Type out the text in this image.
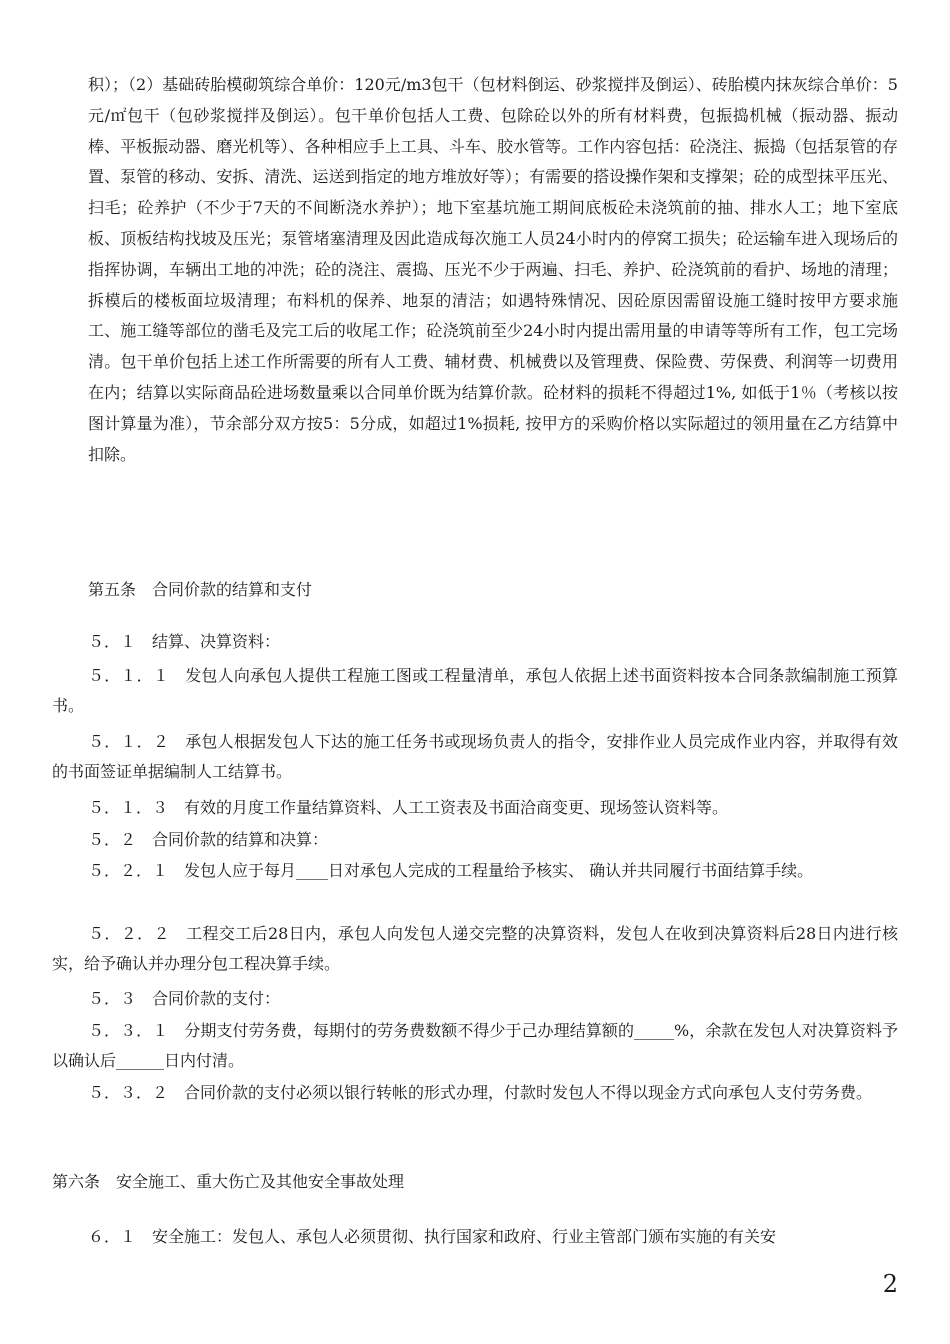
积）；（2）基础砖胎模砌筑综合单价：120元/m3包干（包材料倒运、砂浆搅拌及倒运）、砖胎模内抹灰综合单价：5元/㎡包干（包砂浆搅拌及倒运）。包干单价包括人工费、包除砼以外的所有材料费，包振捣机械（振动器、振动棒、平板振动器、磨光机等）、各种相应手上工具、斗车、胶水管等。工作内容包括：砼浇注、振捣（包括泵管的存置、泵管的移动、安拆、清洗、运送到指定的地方堆放好等）；有需要的搭设操作架和支撑架；砼的成型抹平压光、扫毛；砼养护（不少于7天的不间断浇水养护）；地下室基坑施工期间底板砼未浇筑前的抽、排水人工；地下室底板、顶板结构找坡及压光；泵管堵塞清理及因此造成每次施工人员24小时内的停窝工损失；砼运输车进入现场后的指挥协调，车辆出工地的冲洗；砼的浇注、震捣、压光不少于两遍、扫毛、养护、砼浇筑前的看护、场地的清理；拆模后的楼板面垃圾清理；布料机的保养、地泵的清洁；如遇特殊情况、因砼原因需留设施工缝时按甲方要求施工、施工缝等部位的凿毛及完工后的收尾工作；砼浇筑前至少24小时内提出需用量的申请等等所有工作，包工完场清。包干单价包括上述工作所需要的所有人工费、辅材费、机械费以及管理费、保险费、劳保费、利润等一切费用在内；结算以实际商品砼进场数量乘以合同单价既为结算价款。砼材料的损耗不得超过1%, 如低于1％（考核以按图计算量为准），节余部分双方按5：5分成，如超过1%损耗, 按甲方的采购价格以实际超过的领用量在乙方结算中扣除。

第五条　合同价款的结算和支付

５．１　结算、决算资料：

５．１．１　发包人向承包人提供工程施工图或工程量清单，承包人依据上述书面资料按本合同条款编制施工预算书。

５．１．２　承包人根据发包人下达的施工任务书或现场负责人的指令，安排作业人员完成作业内容，并取得有效的书面签证单据编制人工结算书。

５．１．３　有效的月度工作量结算资料、人工工资表及书面洽商变更、现场签认资料等。

５．２　合同价款的结算和决算：

５．２．１　发包人应于每月____日对承包人完成的工程量给予核实、 确认并共同履行书面结算手续。

５．２．２　工程交工后28日内，承包人向发包人递交完整的决算资料，发包人在收到决算资料后28日内进行核实，给予确认并办理分包工程决算手续。

５．３　合同价款的支付：

５．３．１　分期支付劳务费，每期付的劳务费数额不得少于己办理结算额的_____%，余款在发包人对决算资料予以确认后______日内付清。

５．３．２　合同价款的支付必须以银行转帐的形式办理，付款时发包人不得以现金方式向承包人支付劳务费。

第六条　安全施工、重大伤亡及其他安全事故处理

６．１　安全施工：发包人、承包人必须贯彻、执行国家和政府、行业主管部门颁布实施的有关安

2
